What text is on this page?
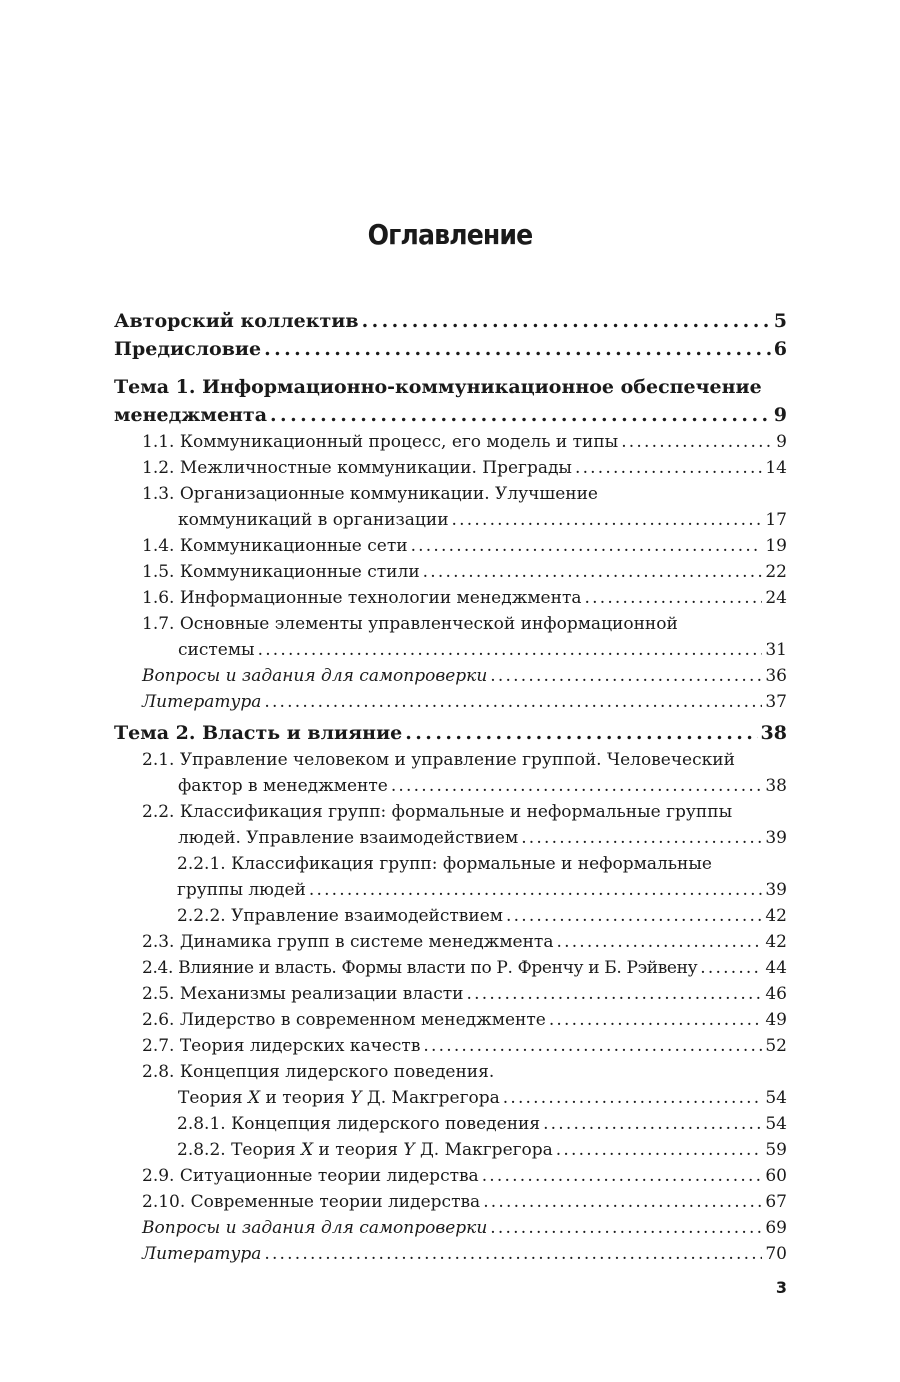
Оглавление
Авторский коллектив . . .	5
Предисловие . . .	6
Тема 1. Информационно-коммуникационное обеспечение
менеджмента . . .	9
1.1. Коммуникационный процесс, его модель и типы . . .	9
1.2. Межличностные коммуникации. Преграды . . .	14
1.3. Организационные коммуникации. Улучшение
коммуникаций в организации . . .	17
1.4. Коммуникационные сети . . .	19
1.5. Коммуникационные стили . . .	22
1.6. Информационные технологии менеджмента . . .	24
1.7. Основные элементы управленческой информационной
системы . . .	31
Вопросы и задания для самопроверки . . .	36
Литература . . .	37
Тема 2. Власть и влияние . . .	38
2.1. Управление человеком и управление группой. Человеческий
фактор в менеджменте . . .	38
2.2. Классификация групп: формальные и неформальные группы
людей. Управление взаимодействием . . .	39
2.2.1. Классификация групп: формальные и неформальные
группы людей . . .	39
2.2.2. Управление взаимодействием . . .	42
2.3. Динамика групп в системе менеджмента . . .	42
2.4. Влияние и власть. Формы власти по Р. Френчу и Б. Рэйвену . . .	44
2.5. Механизмы реализации власти . . .	46
2.6. Лидерство в современном менеджменте . . .	49
2.7. Теория лидерских качеств . . .	52
2.8. Концепция лидерского поведения.
Теория X и теория Y Д. Макгрегора . . .	54
2.8.1. Концепция лидерского поведения . . .	54
2.8.2. Теория X и теория Y Д. Макгрегора . . .	59
2.9. Ситуационные теории лидерства . . .	60
2.10. Современные теории лидерства . . .	67
Вопросы и задания для самопроверки . . .	69
Литература . . .	70
3
